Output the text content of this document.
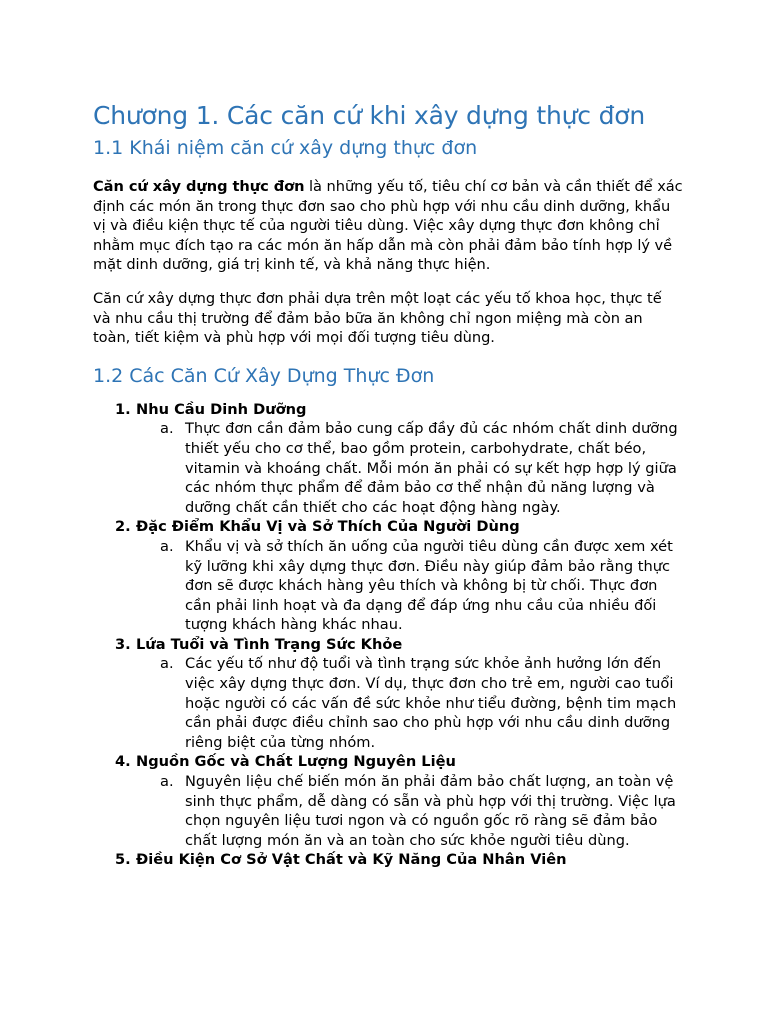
Chương 1. Các căn cứ khi xây dựng thực đơn
1.1 Khái niệm căn cứ xây dựng thực đơn

Căn cứ xây dựng thực đơn là những yếu tố, tiêu chí cơ bản và cần thiết để xác định các món ăn trong thực đơn sao cho phù hợp với nhu cầu dinh dưỡng, khẩu vị và điều kiện thực tế của người tiêu dùng. Việc xây dựng thực đơn không chỉ nhằm mục đích tạo ra các món ăn hấp dẫn mà còn phải đảm bảo tính hợp lý về mặt dinh dưỡng, giá trị kinh tế, và khả năng thực hiện.

Căn cứ xây dựng thực đơn phải dựa trên một loạt các yếu tố khoa học, thực tế và nhu cầu thị trường để đảm bảo bữa ăn không chỉ ngon miệng mà còn an toàn, tiết kiệm và phù hợp với mọi đối tượng tiêu dùng.

1.2 Các Căn Cứ Xây Dựng Thực Đơn
1. Nhu Cầu Dinh Dưỡng
a. Thực đơn cần đảm bảo cung cấp đầy đủ các nhóm chất dinh dưỡng thiết yếu cho cơ thể, bao gồm protein, carbohydrate, chất béo, vitamin và khoáng chất. Mỗi món ăn phải có sự kết hợp hợp lý giữa các nhóm thực phẩm để đảm bảo cơ thể nhận đủ năng lượng và dưỡng chất cần thiết cho các hoạt động hàng ngày.
2. Đặc Điểm Khẩu Vị và Sở Thích Của Người Dùng
a. Khẩu vị và sở thích ăn uống của người tiêu dùng cần được xem xét kỹ lưỡng khi xây dựng thực đơn. Điều này giúp đảm bảo rằng thực đơn sẽ được khách hàng yêu thích và không bị từ chối. Thực đơn cần phải linh hoạt và đa dạng để đáp ứng nhu cầu của nhiều đối tượng khách hàng khác nhau.
3. Lứa Tuổi và Tình Trạng Sức Khỏe
a. Các yếu tố như độ tuổi và tình trạng sức khỏe ảnh hưởng lớn đến việc xây dựng thực đơn. Ví dụ, thực đơn cho trẻ em, người cao tuổi hoặc người có các vấn đề sức khỏe như tiểu đường, bệnh tim mạch cần phải được điều chỉnh sao cho phù hợp với nhu cầu dinh dưỡng riêng biệt của từng nhóm.
4. Nguồn Gốc và Chất Lượng Nguyên Liệu
a. Nguyên liệu chế biến món ăn phải đảm bảo chất lượng, an toàn vệ sinh thực phẩm, dễ dàng có sẵn và phù hợp với thị trường. Việc lựa chọn nguyên liệu tươi ngon và có nguồn gốc rõ ràng sẽ đảm bảo chất lượng món ăn và an toàn cho sức khỏe người tiêu dùng.
5. Điều Kiện Cơ Sở Vật Chất và Kỹ Năng Của Nhân Viên
